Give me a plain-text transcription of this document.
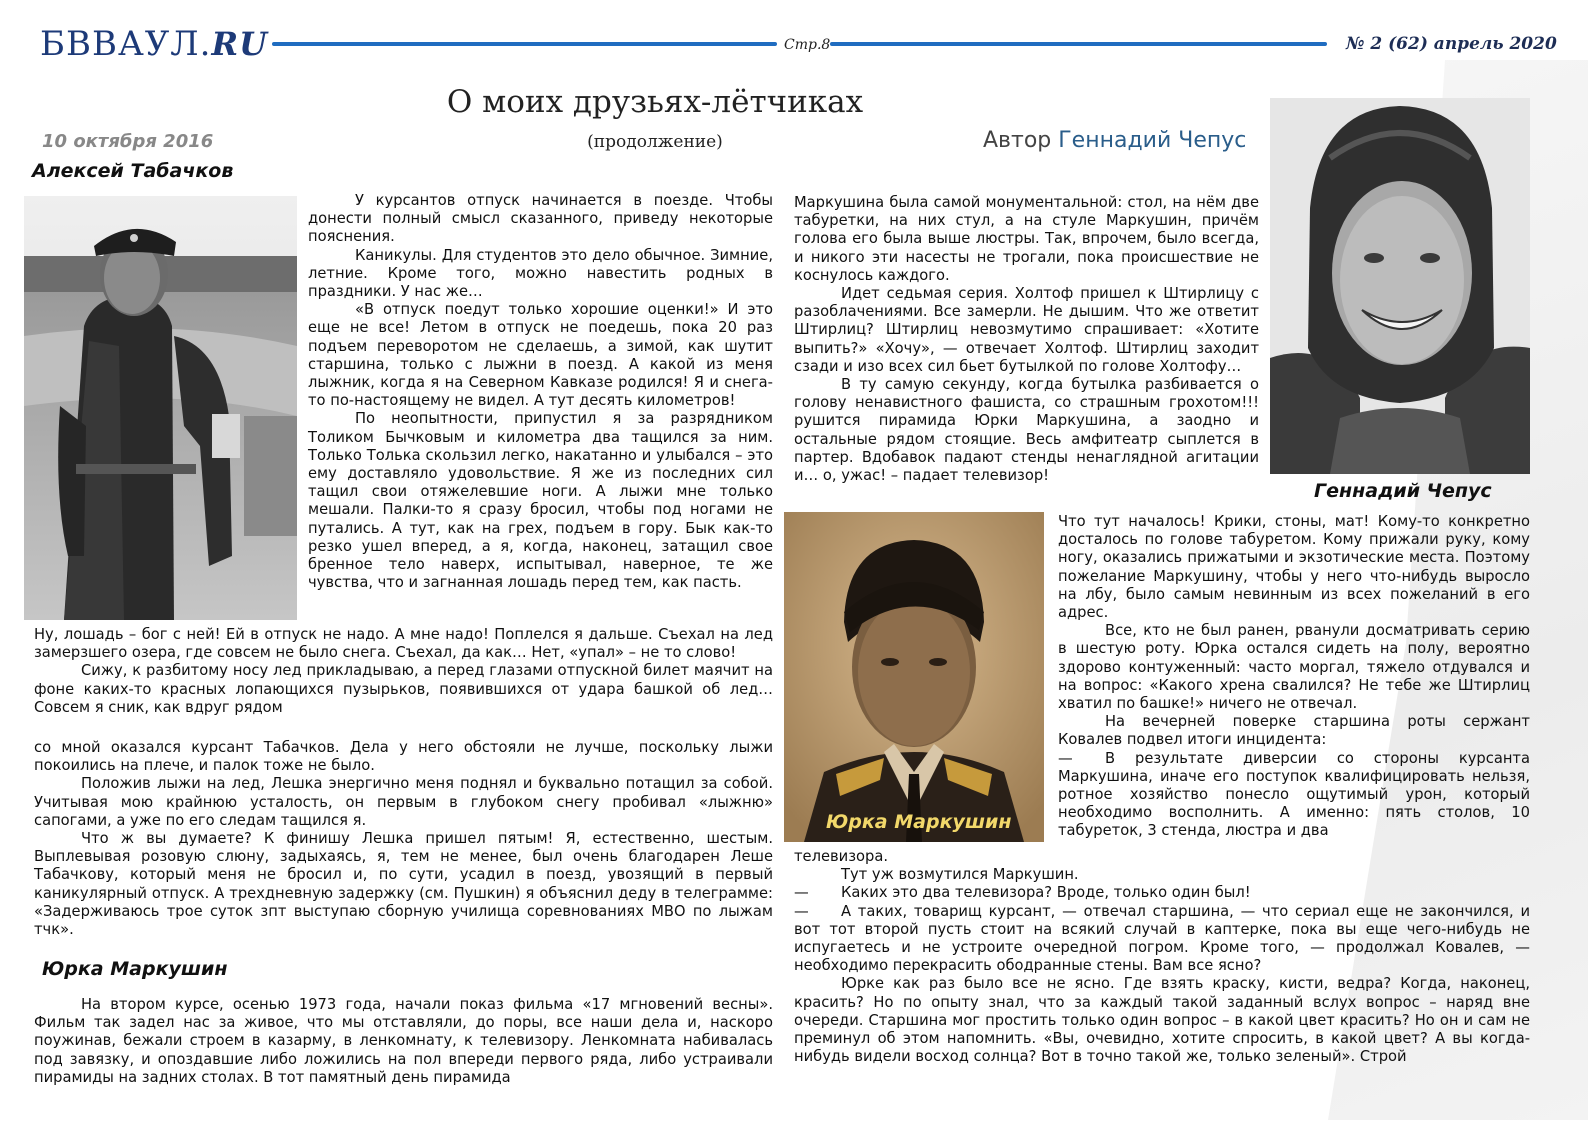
БВВАУЛ.RU	Стр.8	№ 2 (62) апрель 2020
О моих друзьях-лётчиках
(продолжение)
10 октября 2016	Автор Геннадий Чепус
Алексей Табачков

У курсантов отпуск начинается в поезде. Чтобы донести полный смысл сказанного, приведу некоторые пояснения.

Каникулы. Для студентов это дело обычное. Зимние, летние. Кроме того, можно навестить родных в праздники. У нас же…

«В отпуск поедут только хорошие оценки!» И это еще не все! Летом в отпуск не поедешь, пока 20 раз подъем переворотом не сделаешь, а зимой, как шутит старшина, только с лыжни в поезд. А какой из меня лыжник, когда я на Северном Кавказе родился! Я и снега-то по-настоящему не видел. А тут десять километров!

По неопытности, припустил я за разрядником Толиком Бычковым и километра два тащился за ним. Только Толька скользил легко, накатанно и улыбался – это ему доставляло удовольствие. Я же из последних сил тащил свои отяжелевшие ноги. А лыжи мне только мешали. Палки-то я сразу бросил, чтобы под ногами не путались. А тут, как на грех, подъем в гору. Бык как-то резко ушел вперед, а я, когда, наконец, затащил свое бренное тело наверх, испытывал, наверное, те же чувства, что и загнанная лошадь перед тем, как пасть.

Ну, лошадь – бог с ней! Ей в отпуск не надо. А мне надо! Поплелся я дальше. Съехал на лед замерзшего озера, где совсем не было снега. Съехал, да как… Нет, «упал» – не то слово!

Сижу, к разбитому носу лед прикладываю, а перед глазами отпускной билет маячит на фоне каких-то красных лопающихся пузырьков, появившихся от удара башкой об лед… Совсем я сник, как вдруг рядом

со мной оказался курсант Табачков. Дела у него обстояли не лучше, поскольку лыжи покоились на плече, и палок тоже не было.

Положив лыжи на лед, Лешка энергично меня поднял и буквально потащил за собой. Учитывая мою крайнюю усталость, он первым в глубоком снегу пробивал «лыжню» сапогами, а уже по его следам тащился я.

Что ж вы думаете? К финишу Лешка пришел пятым! Я, естественно, шестым. Выплевывая розовую слюну, задыхаясь, я, тем не менее, был очень благодарен Леше Табачкову, который меня не бросил и, по сути, усадил в поезд, увозящий в первый каникулярный отпуск. А трехдневную задержку (см. Пушкин) я объяснил деду в телеграмме: «Задерживаюсь трое суток зпт выступаю сборную училища соревнованиях МВО по лыжам тчк».

Юрка Маркушин

На втором курсе, осенью 1973 года, начали показ фильма «17 мгновений весны». Фильм так задел нас за живое, что мы отставляли, до поры, все наши дела и, наскоро поужинав, бежали строем в казарму, в ленкомнату, к телевизору. Ленкомната набивалась под завязку, и опоздавшие либо ложились на пол впереди первого ряда, либо устраивали пирамиды на задних столах. В тот памятный день пирамида

Маркушина была самой монументальной: стол, на нём две табуретки, на них стул, а на стуле Маркушин, причём голова его была выше люстры. Так, впрочем, было всегда, и никого эти насесты не трогали, пока происшествие не коснулось каждого.

Идет седьмая серия. Холтоф пришел к Штирлицу с разоблачениями. Все замерли. Не дышим. Что же ответит Штирлиц? Штирлиц невозмутимо спрашивает: «Хотите выпить?» «Хочу», — отвечает Холтоф. Штирлиц заходит сзади и изо всех сил бьет бутылкой по голове Холтофу…

В ту самую секунду, когда бутылка разбивается о голову ненавистного фашиста, со страшным грохотом!!! рушится пирамида Юрки Маркушина, а заодно и остальные рядом стоящие. Весь амфитеатр сыплется в партер. Вдобавок падают стенды ненаглядной агитации и… о, ужас! – падает телевизор!

Геннадий Чепус
Юрка Маркушин

Что тут началось! Крики, стоны, мат! Кому-то конкретно досталось по голове табуретом. Кому прижали руку, кому ногу, оказались прижатыми и экзотические места. Поэтому пожелание Маркушину, чтобы у него что-нибудь выросло на лбу, было самым невинным из всех пожеланий в его адрес.

Все, кто не был ранен, рванули досматривать серию в шестую роту. Юрка остался сидеть на полу, вероятно здорово контуженный: часто моргал, тяжело отдувался и на вопрос: «Какого хрена свалился? Не тебе же Штирлиц хватил по башке!» ничего не отвечал.

На вечерней поверке старшина роты сержант Ковалев подвел итоги инцидента:

— В результате диверсии со стороны курсанта Маркушина, иначе его поступок квалифицировать нельзя, ротное хозяйство понесло ощутимый урон, который необходимо восполнить. А именно: пять столов, 10 табуреток, 3 стенда, люстра и два

телевизора.

Тут уж возмутился Маркушин.

— Каких это два телевизора? Вроде, только один был!

— А таких, товарищ курсант, — отвечал старшина, — что сериал еще не закончился, и вот тот второй пусть стоит на всякий случай в каптерке, пока вы еще чего-нибудь не испугаетесь и не устроите очередной погром. Кроме того, — продолжал Ковалев, — необходимо перекрасить ободранные стены. Вам все ясно?

Юрке как раз было все не ясно. Где взять краску, кисти, ведра? Когда, наконец, красить? Но по опыту знал, что за каждый такой заданный вслух вопрос – наряд вне очереди. Старшина мог простить только один вопрос – в какой цвет красить? Но он и сам не преминул об этом напомнить. «Вы, очевидно, хотите спросить, в какой цвет? А вы когда-нибудь видели восход солнца? Вот в точно такой же, только зеленый». Строй
